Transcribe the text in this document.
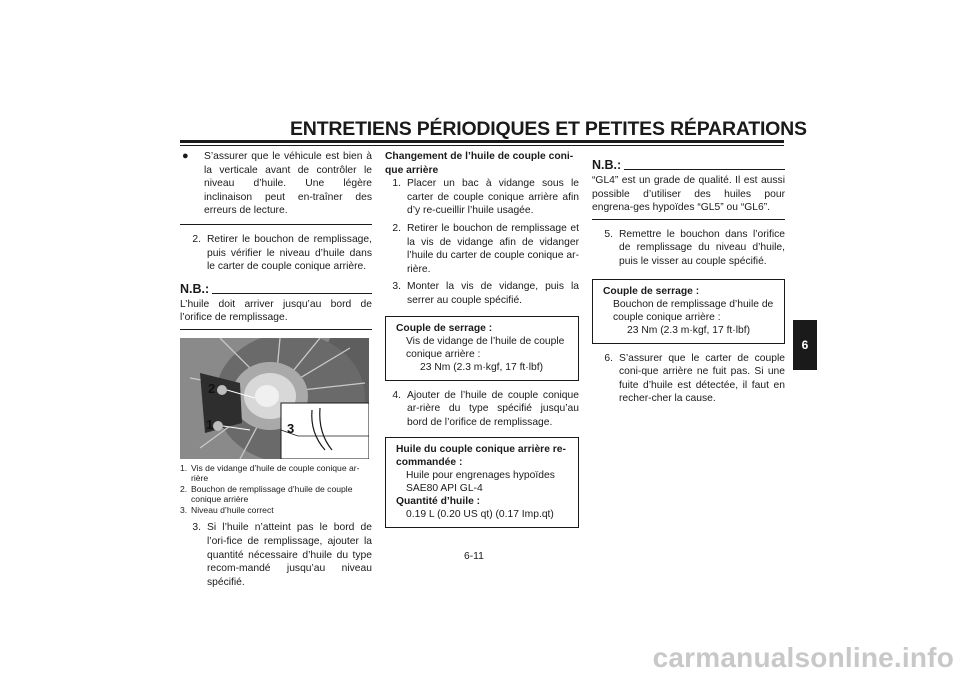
ENTRETIENS PÉRIODIQUES ET PETITES RÉPARATIONS
●	S’assurer que le véhicule est bien à la verticale avant de contrôler le niveau d’huile. Une légère inclinaison peut en-traîner des erreurs de lecture.
2. Retirer le bouchon de remplissage, puis vérifier le niveau d’huile dans le carter de couple conique arrière.
N.B.:
L’huile doit arriver jusqu’au bord de l’orifice de remplissage.
1
2
3
1. Vis de vidange d’huile de couple conique ar-rière
2. Bouchon de remplissage d’huile de couple conique arrière
3. Niveau d’huile correct
3. Si l’huile n’atteint pas le bord de l’ori-fice de remplissage, ajouter la quantité nécessaire d’huile du type recom-mandé jusqu’au niveau spécifié.
Changement de l’huile de couple coni-que arrière
1. Placer un bac à vidange sous le carter de couple conique arrière afin d’y re-cueillir l’huile usagée.
2. Retirer le bouchon de remplissage et la vis de vidange afin de vidanger l’huile du carter de couple conique ar-rière.
3. Monter la vis de vidange, puis la serrer au couple spécifié.
Couple de serrage :
Vis de vidange de l’huile de couple conique arrière :
23 Nm (2.3 m·kgf, 17 ft·lbf)
4. Ajouter de l’huile de couple conique ar-rière du type spécifié jusqu’au bord de l’orifice de remplissage.
Huile du couple conique arrière re-commandée :
Huile pour engrenages hypoïdes
SAE80 API GL-4
Quantité d’huile :
0.19 L (0.20 US qt) (0.17 Imp.qt)
N.B.:
“GL4” est un grade de qualité. Il est aussi possible d’utiliser des huiles pour engrena-ges hypoïdes “GL5” ou “GL6”.
5. Remettre le bouchon dans l’orifice de remplissage du niveau d’huile, puis le visser au couple spécifié.
Couple de serrage :
Bouchon de remplissage d’huile de couple conique arrière :
23 Nm (2.3 m·kgf, 17 ft·lbf)
6. S’assurer que le carter de couple coni-que arrière ne fuit pas. Si une fuite d’huile est détectée, il faut en recher-cher la cause.
6
6-11
carmanualsonline.info
